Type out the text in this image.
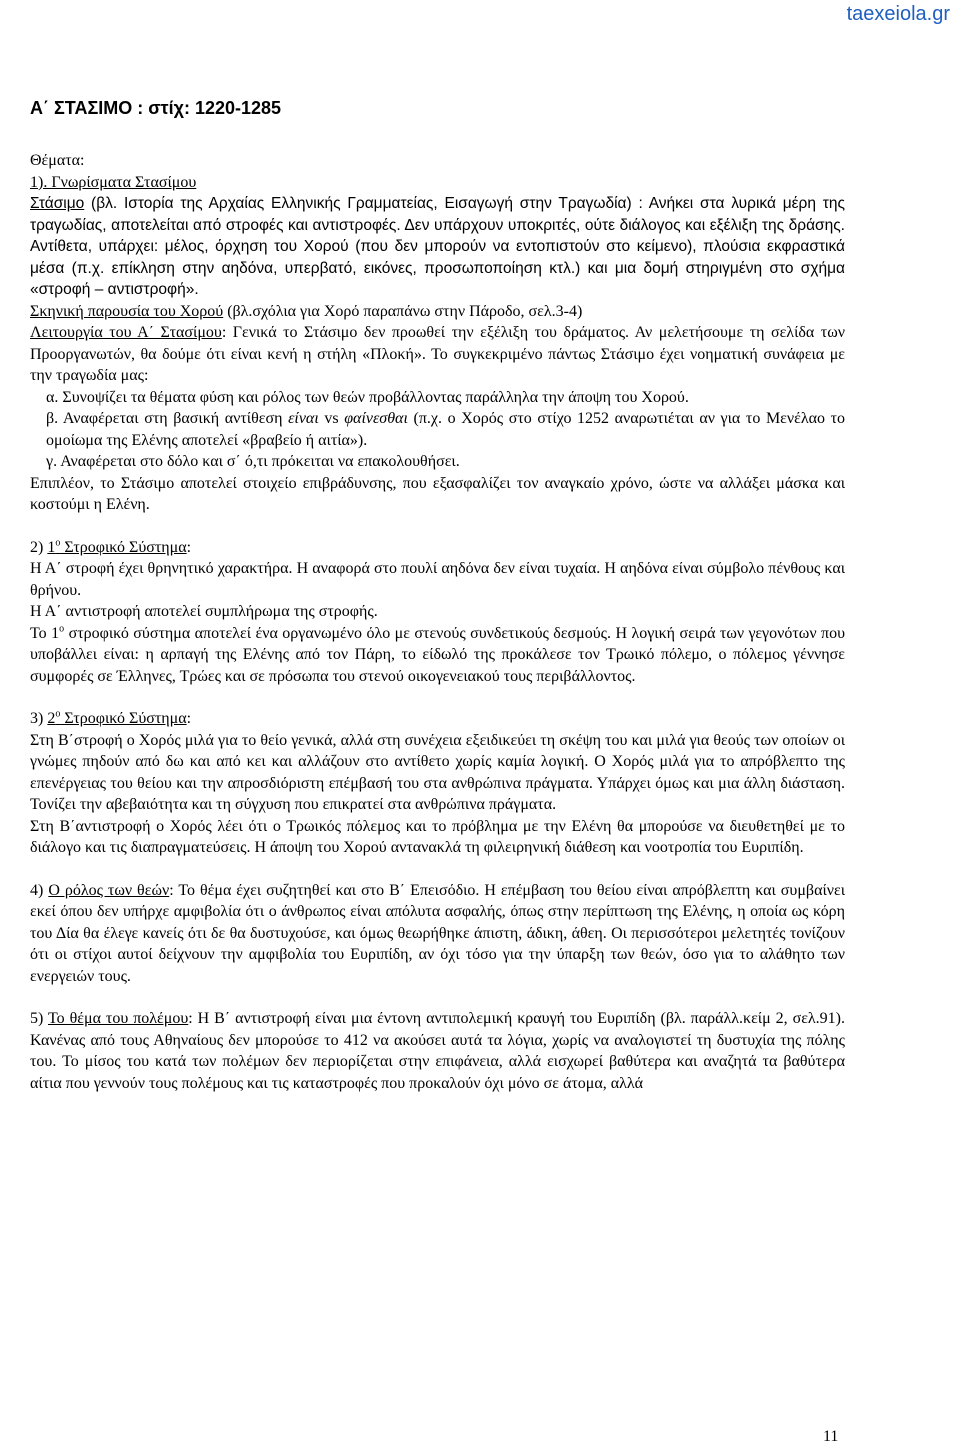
taexeiola.gr
Α΄ ΣΤΑΣΙΜΟ : στίχ: 1220-1285

Θέματα:

1). Γνωρίσματα Στασίμου

Στάσιμο (βλ. Ιστορία της Αρχαίας Ελληνικής Γραμματείας, Εισαγωγή στην Τραγωδία) : Ανήκει στα λυρικά μέρη της τραγωδίας, αποτελείται από στροφές και αντιστροφές. Δεν υπάρχουν υποκριτές, ούτε διάλογος και εξέλιξη της δράσης. Αντίθετα, υπάρχει: μέλος, όρχηση του Χορού (που δεν μπορούν να εντοπιστούν στο κείμενο), πλούσια εκφραστικά μέσα (π.χ. επίκληση στην αηδόνα, υπερβατό, εικόνες, προσωποποίηση κτλ.) και μια δομή στηριγμένη στο σχήμα «στροφή – αντιστροφή».

Σκηνική παρουσία του Χορού (βλ.σχόλια για Χορό παραπάνω στην Πάροδο, σελ.3-4)

Λειτουργία του Α΄ Στασίμου: Γενικά το Στάσιμο δεν προωθεί την εξέλιξη του δράματος. Αν μελετήσουμε τη σελίδα των Προοργανωτών, θα δούμε ότι είναι κενή η στήλη «Πλοκή». Το συγκεκριμένο πάντως Στάσιμο έχει νοηματική συνάφεια με την τραγωδία μας:

α. Συνοψίζει τα θέματα φύση και ρόλος των θεών προβάλλοντας παράλληλα την άποψη του Χορού.

β. Αναφέρεται στη βασική αντίθεση είναι vs φαίνεσθαι (π.χ. ο Χορός στο στίχο 1252 αναρωτιέται αν για το Μενέλαο το ομοίωμα της Ελένης αποτελεί «βραβείο ή αιτία»).

γ. Αναφέρεται στο δόλο και σ΄ ό,τι πρόκειται να επακολουθήσει.

Επιπλέον, το Στάσιμο αποτελεί στοιχείο επιβράδυνσης, που εξασφαλίζει τον αναγκαίο χρόνο, ώστε να αλλάξει μάσκα και κοστούμι η Ελένη.

2) $1^o$ Στροφικό Σύστημα:

Η Α΄ στροφή έχει θρηνητικό χαρακτήρα. Η αναφορά στο πουλί αηδόνα δεν είναι τυχαία. Η αηδόνα είναι σύμβολο πένθους και θρήνου.

Η Α΄ αντιστροφή αποτελεί συμπλήρωμα της στροφής.

Το $1^o$ στροφικό σύστημα αποτελεί ένα οργανωμένο όλο με στενούς συνδετικούς δεσμούς. Η λογική σειρά των γεγονότων που υποβάλλει είναι: η αρπαγή της Ελένης από τον Πάρη, το είδωλό της προκάλεσε τον Τρωικό πόλεμο, ο πόλεμος γέννησε συμφορές σε Έλληνες, Τρώες και σε πρόσωπα του στενού οικογενειακού τους περιβάλλοντος.

3) $2^o$ Στροφικό Σύστημα:

Στη Β΄στροφή ο Χορός μιλά για το θείο γενικά, αλλά στη συνέχεια εξειδικεύει τη σκέψη του και μιλά για θεούς των οποίων οι γνώμες πηδούν από δω και από κει και αλλάζουν στο αντίθετο χωρίς καμία λογική. Ο Χορός μιλά για το απρόβλεπτο της επενέργειας του θείου και την απροσδιόριστη επέμβασή του στα ανθρώπινα πράγματα. Υπάρχει όμως και μια άλλη διάσταση. Τονίζει την αβεβαιότητα και τη σύγχυση που επικρατεί στα ανθρώπινα πράγματα.

Στη Β΄αντιστροφή ο Χορός λέει ότι ο Τρωικός πόλεμος και το πρόβλημα με την Ελένη θα μπορούσε να διευθετηθεί με το διάλογο και τις διαπραγματεύσεις. Η άποψη του Χορού αντανακλά τη φιλειρηνική διάθεση και νοοτροπία του Ευριπίδη.

4) Ο ρόλος των θεών: Το θέμα έχει συζητηθεί και στο Β΄ Επεισόδιο. Η επέμβαση του θείου είναι απρόβλεπτη και συμβαίνει εκεί όπου δεν υπήρχε αμφιβολία ότι ο άνθρωπος είναι απόλυτα ασφαλής, όπως στην περίπτωση της Ελένης, η οποία ως κόρη του Δία θα έλεγε κανείς ότι δε θα δυστυχούσε, και όμως θεωρήθηκε άπιστη, άδικη, άθεη. Οι περισσότεροι μελετητές τονίζουν ότι οι στίχοι αυτοί δείχνουν την αμφιβολία του Ευριπίδη, αν όχι τόσο για την ύπαρξη των θεών, όσο για το αλάθητο των ενεργειών τους.

5) Το θέμα του πολέμου: Η Β΄ αντιστροφή είναι μια έντονη αντιπολεμική κραυγή του Ευριπίδη (βλ. παράλλ.κείμ 2, σελ.91). Κανένας από τους Αθηναίους δεν μπορούσε το 412 να ακούσει αυτά τα λόγια, χωρίς να αναλογιστεί τη δυστυχία της πόλης του. Το μίσος του κατά των πολέμων δεν περιορίζεται στην επιφάνεια, αλλά εισχωρεί βαθύτερα και αναζητά τα βαθύτερα αίτια που γεννούν τους πολέμους και τις καταστροφές που προκαλούν όχι μόνο σε άτομα, αλλά

11
